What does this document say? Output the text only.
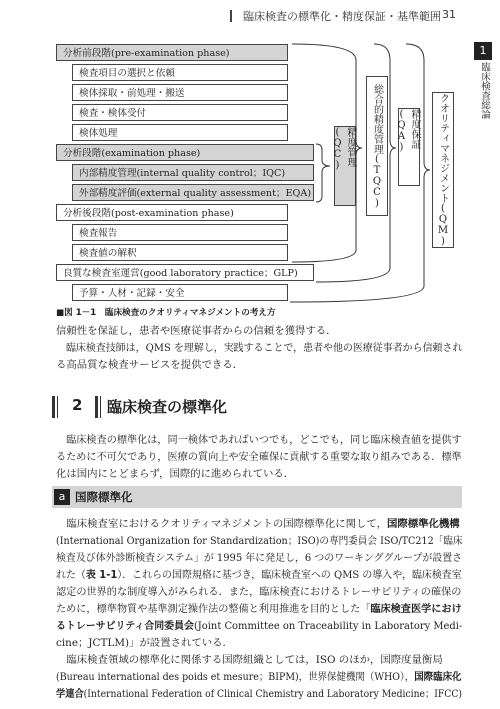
臨床検査の標準化・精度保証・基準範囲 31
1
臨床検査総論
分析前段階(pre-examination phase)
検査項目の選択と依頼
検体採取・前処理・搬送
検査・検体受付
検体処理
分析段階(examination phase)
内部精度管理(internal quality control；IQC)
外部精度評価(external quality assessment；EQA)
分析後段階(post-examination phase)
検査報告
検査値の解釈
良質な検査室運営(good laboratory practice；GLP)
予算・人材・記録・安全
精度管理(QC)	総合的精度管理(TQC)	精度保証(QA)	クオリティマネジメント(QM)
■図 1－1　臨床検査のクオリティマネジメントの考え方
信頼性を保証し，患者や医療従事者からの信頼を獲得する．
　臨床検査技師は，QMS を理解し，実践することで，患者や他の医療従事者から信頼され
る高品質な検査サービスを提供できる．
2 臨床検査の標準化
　臨床検査の標準化は，同一検体であればいつでも，どこでも，同じ臨床検査値を提供す
るために不可欠であり，医療の質向上や安全確保に貢献する重要な取り組みである．標準
化は国内にとどまらず，国際的に進められている．
a 国際標準化
　臨床検査室におけるクオリティマネジメントの国際標準化に関して，国際標準化機構
(International Organization for Standardization；ISO)の専門委員会 ISO/TC212「臨床
検査及び体外診断検査システム」が 1995 年に発足し，6 つのワーキンググループが設置さ
れた（表 1-1）．これらの国際規格に基づき，臨床検査室への QMS の導入や，臨床検査室
認定の世界的な制度導入がみられる．また，臨床検査におけるトレーサビリティの確保の
ために，標準物質や基準測定操作法の整備と利用推進を目的とした「臨床検査医学におけ
るトレーサビリティ合同委員会(Joint Committee on Traceability in Laboratory Medi-
cine；JCTLM)」が設置されている．
　臨床検査領域の標準化に関係する国際組織としては，ISO のほか，国際度量衡局
(Bureau international des poids et mesure；BIPM)，世界保健機関（WHO），国際臨床化
学連合(International Federation of Clinical Chemistry and Laboratory Medicine；IFCC)
